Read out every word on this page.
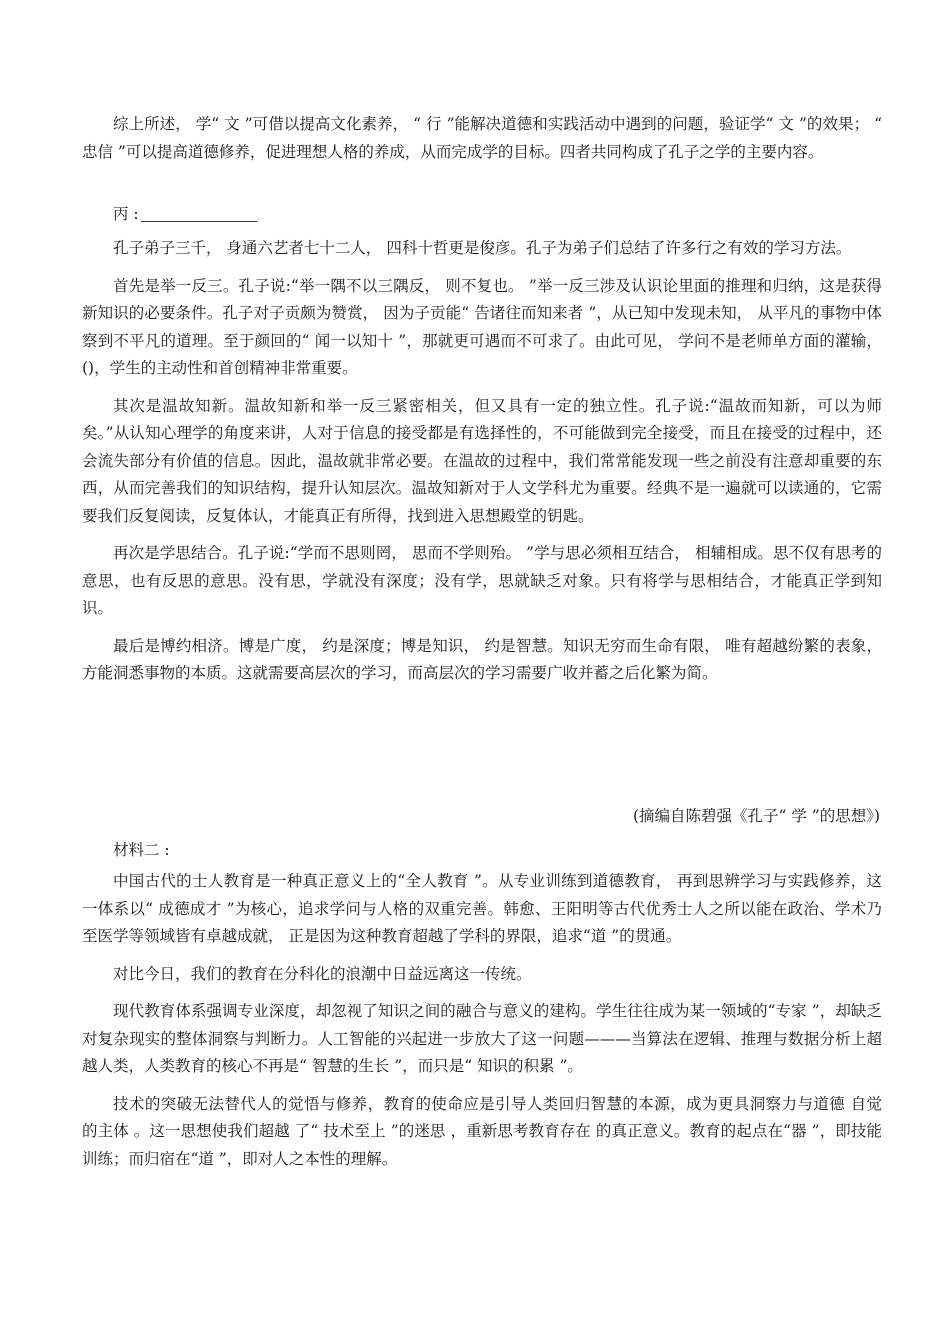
综上所述， 学“ 文 ”可借以提高文化素养， “ 行 ”能解决道德和实践活动中遇到的问题，验证学“ 文 ”的效果； “ 忠信 ”可以提高道德修养，促进理想人格的养成，从而完成学的目标。四者共同构成了孔子之学的主要内容。

丙 :

孔子弟子三千， 身通六艺者七十二人， 四科十哲更是俊彦。孔子为弟子们总结了许多行之有效的学习方法。

首先是举一反三。孔子说:“举一隅不以三隅反， 则不复也。 ”举一反三涉及认识论里面的推理和归纳，这是获得新知识的必要条件。孔子对子贡颇为赞赏， 因为子贡能“ 告诸往而知来者 ”，从已知中发现未知， 从平凡的事物中体察到不平凡的道理。至于颜回的“ 闻一以知十 ”，那就更可遇而不可求了。由此可见， 学问不是老师单方面的灌输， ()，学生的主动性和首创精神非常重要。

其次是温故知新。温故知新和举一反三紧密相关，但又具有一定的独立性。孔子说:“温故而知新，可以为师矣。”从认知心理学的角度来讲，人对于信息的接受都是有选择性的，不可能做到完全接受，而且在接受的过程中，还会流失部分有价值的信息。因此，温故就非常必要。在温故的过程中，我们常常能发现一些之前没有注意却重要的东西，从而完善我们的知识结构，提升认知层次。温故知新对于人文学科尤为重要。经典不是一遍就可以读通的，它需要我们反复阅读，反复体认，才能真正有所得，找到进入思想殿堂的钥匙。

再次是学思结合。孔子说:“学而不思则罔， 思而不学则殆。 ”学与思必须相互结合， 相辅相成。思不仅有思考的意思，也有反思的意思。没有思，学就没有深度；没有学，思就缺乏对象。只有将学与思相结合，才能真正学到知识。

最后是博约相济。博是广度， 约是深度；博是知识， 约是智慧。知识无穷而生命有限， 唯有超越纷繁的表象，方能洞悉事物的本质。这就需要高层次的学习，而高层次的学习需要广收并蓄之后化繁为简。

(摘编自陈碧强《孔子“ 学 ”的思想》)

材料二 :

中国古代的士人教育是一种真正意义上的“全人教育 ”。从专业训练到道德教育， 再到思辨学习与实践修养，这一体系以“ 成德成才 ”为核心，追求学问与人格的双重完善。韩愈、王阳明等古代优秀士人之所以能在政治、学术乃至医学等领域皆有卓越成就， 正是因为这种教育超越了学科的界限，追求“道 ”的贯通。

对比今日，我们的教育在分科化的浪潮中日益远离这一传统。

现代教育体系强调专业深度，却忽视了知识之间的融合与意义的建构。学生往往成为某一领域的“专家 ”，却缺乏对复杂现实的整体洞察与判断力。人工智能的兴起进一步放大了这一问题———当算法在逻辑、推理与数据分析上超越人类，人类教育的核心不再是“ 智慧的生长 ”，而只是“ 知识的积累 ”。

技术的突破无法替代人的觉悟与修养，教育的使命应是引导人类回归智慧的本源，成为更具洞察力与道德 自觉 的主体 。这一思想使我们超越 了“ 技术至上 ”的迷思 ，重新思考教育存在 的真正意义。教育的起点在“器 ”，即技能训练；而归宿在“道 ”，即对人之本性的理解。
